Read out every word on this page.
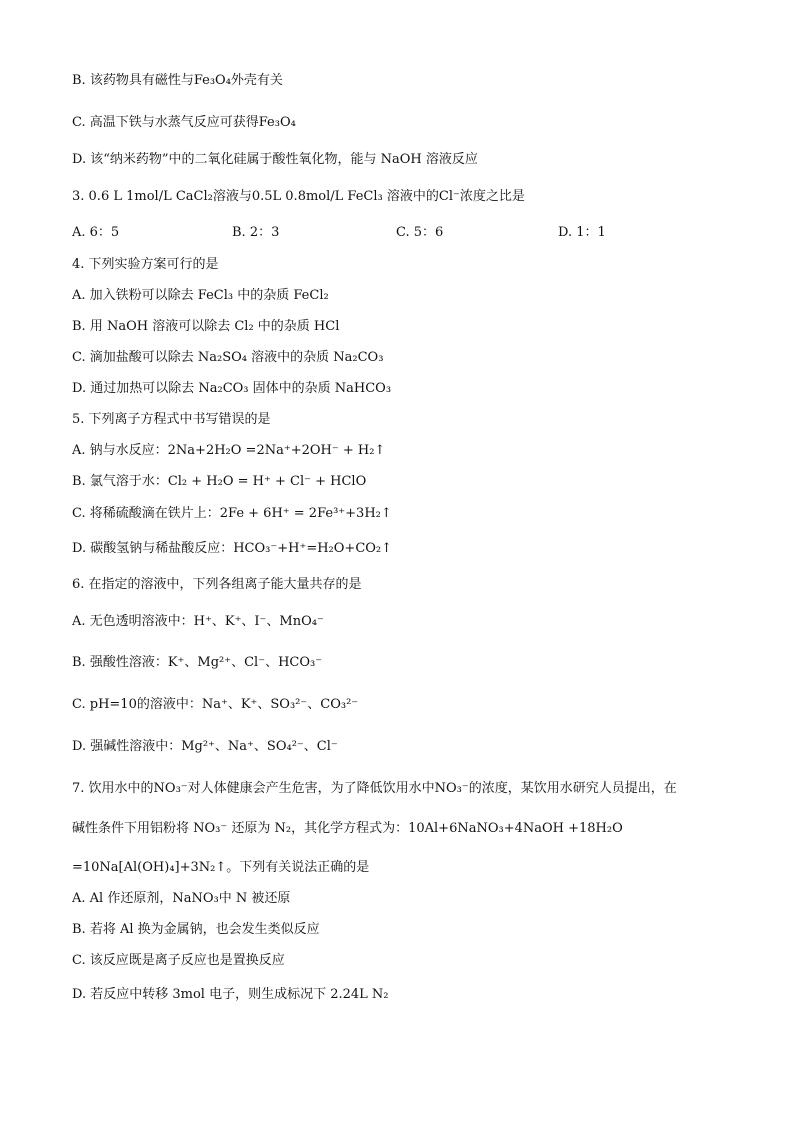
B. 该药物具有磁性与Fe₃O₄外壳有关
C. 高温下铁与水蒸气反应可获得Fe₃O₄
D. 该“纳米药物”中的二氧化硅属于酸性氧化物，能与 NaOH 溶液反应
3. 0.6 L 1mol/L CaCl₂溶液与0.5L 0.8mol/L FeCl₃ 溶液中的Cl⁻浓度之比是
A. 6：5	B. 2：3	C. 5：6	D. 1：1
4. 下列实验方案可行的是
A. 加入铁粉可以除去 FeCl₃ 中的杂质 FeCl₂
B. 用 NaOH 溶液可以除去 Cl₂ 中的杂质 HCl
C. 滴加盐酸可以除去 Na₂SO₄ 溶液中的杂质 Na₂CO₃
D. 通过加热可以除去 Na₂CO₃ 固体中的杂质 NaHCO₃
5. 下列离子方程式中书写错误的是
A. 钠与水反应：2Na+2H₂O =2Na⁺+2OH⁻ + H₂↑
B. 氯气溶于水：Cl₂ + H₂O = H⁺ + Cl⁻ + HClO
C. 将稀硫酸滴在铁片上：2Fe + 6H⁺ = 2Fe³⁺+3H₂↑
D. 碳酸氢钠与稀盐酸反应：HCO₃⁻+H⁺=H₂O+CO₂↑
6. 在指定的溶液中，下列各组离子能大量共存的是
A. 无色透明溶液中：H⁺、K⁺、I⁻、MnO₄⁻
B. 强酸性溶液：K⁺、Mg²⁺、Cl⁻、HCO₃⁻
C. pH=10的溶液中：Na⁺、K⁺、SO₃²⁻、CO₃²⁻
D. 强碱性溶液中：Mg²⁺、Na⁺、SO₄²⁻、Cl⁻
7. 饮用水中的NO₃⁻对人体健康会产生危害，为了降低饮用水中NO₃⁻的浓度，某饮用水研究人员提出，在
碱性条件下用铝粉将 NO₃⁻ 还原为 N₂，其化学方程式为：10Al+6NaNO₃+4NaOH +18H₂O
=10Na[Al(OH)₄]+3N₂↑。下列有关说法正确的是
A. Al 作还原剂，NaNO₃中 N 被还原
B. 若将 Al 换为金属钠，也会发生类似反应
C. 该反应既是离子反应也是置换反应
D. 若反应中转移 3mol 电子，则生成标况下 2.24L N₂
